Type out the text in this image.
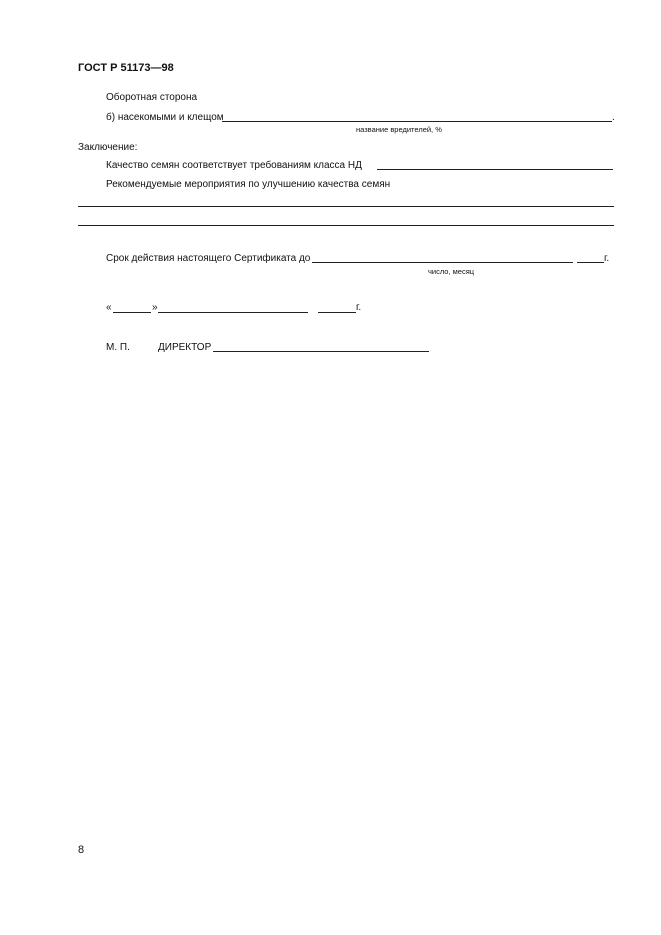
ГОСТ Р 51173—98
Оборотная сторона
б) насекомыми и клещом	.
название вредителей, %
Заключение:
Качество семян соответствует требованиям класса НД
Рекомендуемые мероприятия по улучшению качества семян
Срок действия настоящего Сертификата до	г.
число, месяц
«	»	г.
М. П.	ДИРЕКТОР
8
